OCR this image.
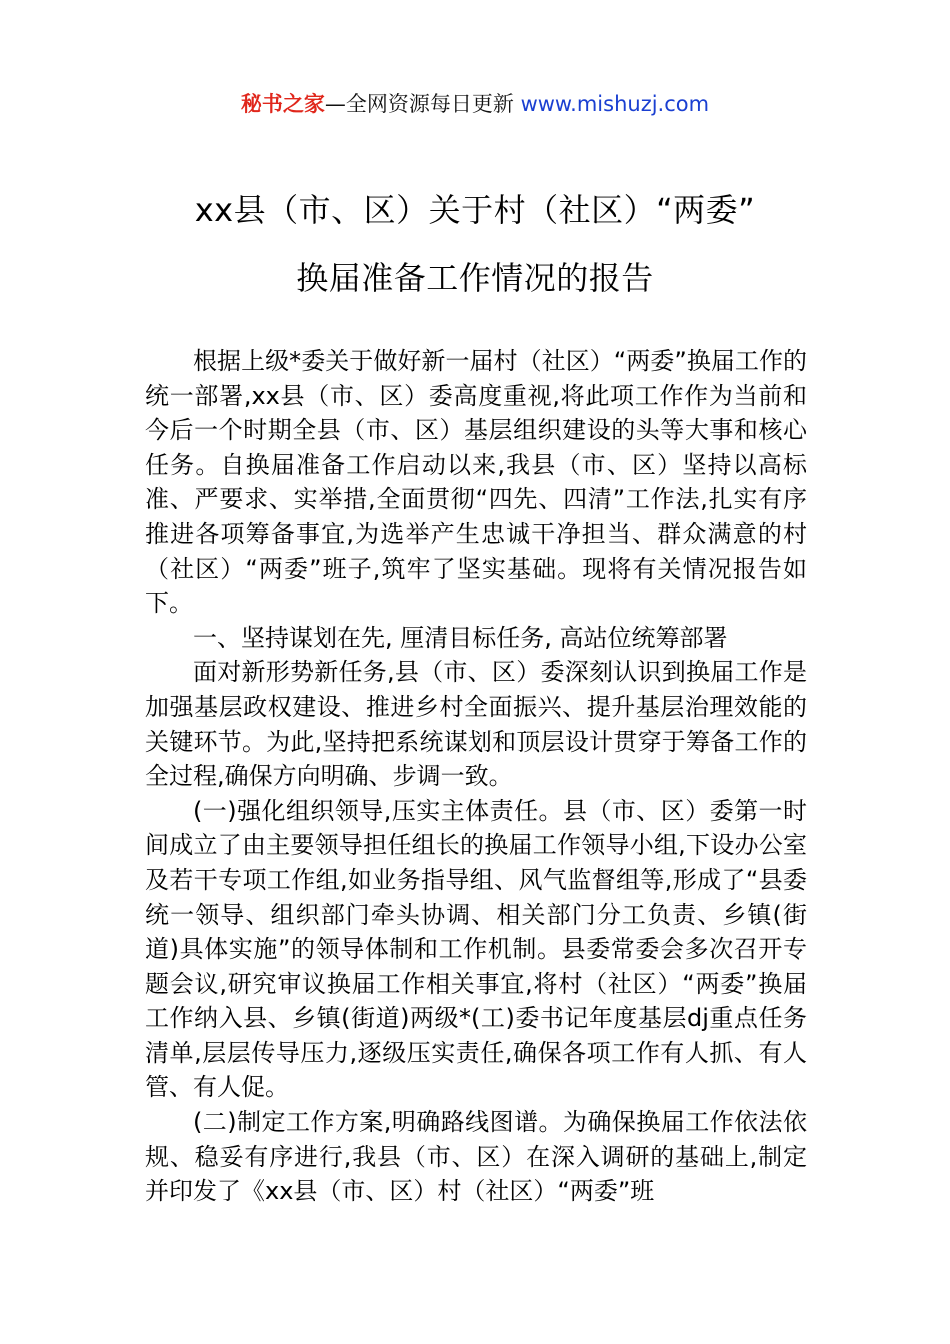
秘书之家—全网资源每日更新 www.mishuzj.com
xx县（市、区）关于村（社区）“两委”
换届准备工作情况的报告

根据上级*委关于做好新一届村（社区）“两委”换届工作的统一部署,xx县（市、区）委高度重视,将此项工作作为当前和今后一个时期全县（市、区）基层组织建设的头等大事和核心任务。自换届准备工作启动以来,我县（市、区）坚持以高标准、严要求、实举措,全面贯彻“四先、四清”工作法,扎实有序推进各项筹备事宜,为选举产生忠诚干净担当、群众满意的村（社区）“两委”班子,筑牢了坚实基础。现将有关情况报告如下。

一、坚持谋划在先, 厘清目标任务, 高站位统筹部署

面对新形势新任务,县（市、区）委深刻认识到换届工作是加强基层政权建设、推进乡村全面振兴、提升基层治理效能的关键环节。为此,坚持把系统谋划和顶层设计贯穿于筹备工作的全过程,确保方向明确、步调一致。

(一)强化组织领导,压实主体责任。县（市、区）委第一时间成立了由主要领导担任组长的换届工作领导小组,下设办公室及若干专项工作组,如业务指导组、风气监督组等,形成了“县委统一领导、组织部门牵头协调、相关部门分工负责、乡镇(街道)具体实施”的领导体制和工作机制。县委常委会多次召开专题会议,研究审议换届工作相关事宜,将村（社区）“两委”换届工作纳入县、乡镇(街道)两级*(工)委书记年度基层dj重点任务清单,层层传导压力,逐级压实责任,确保各项工作有人抓、有人管、有人促。

(二)制定工作方案,明确路线图谱。为确保换届工作依法依规、稳妥有序进行,我县（市、区）在深入调研的基础上,制定并印发了《xx县（市、区）村（社区）“两委”班
